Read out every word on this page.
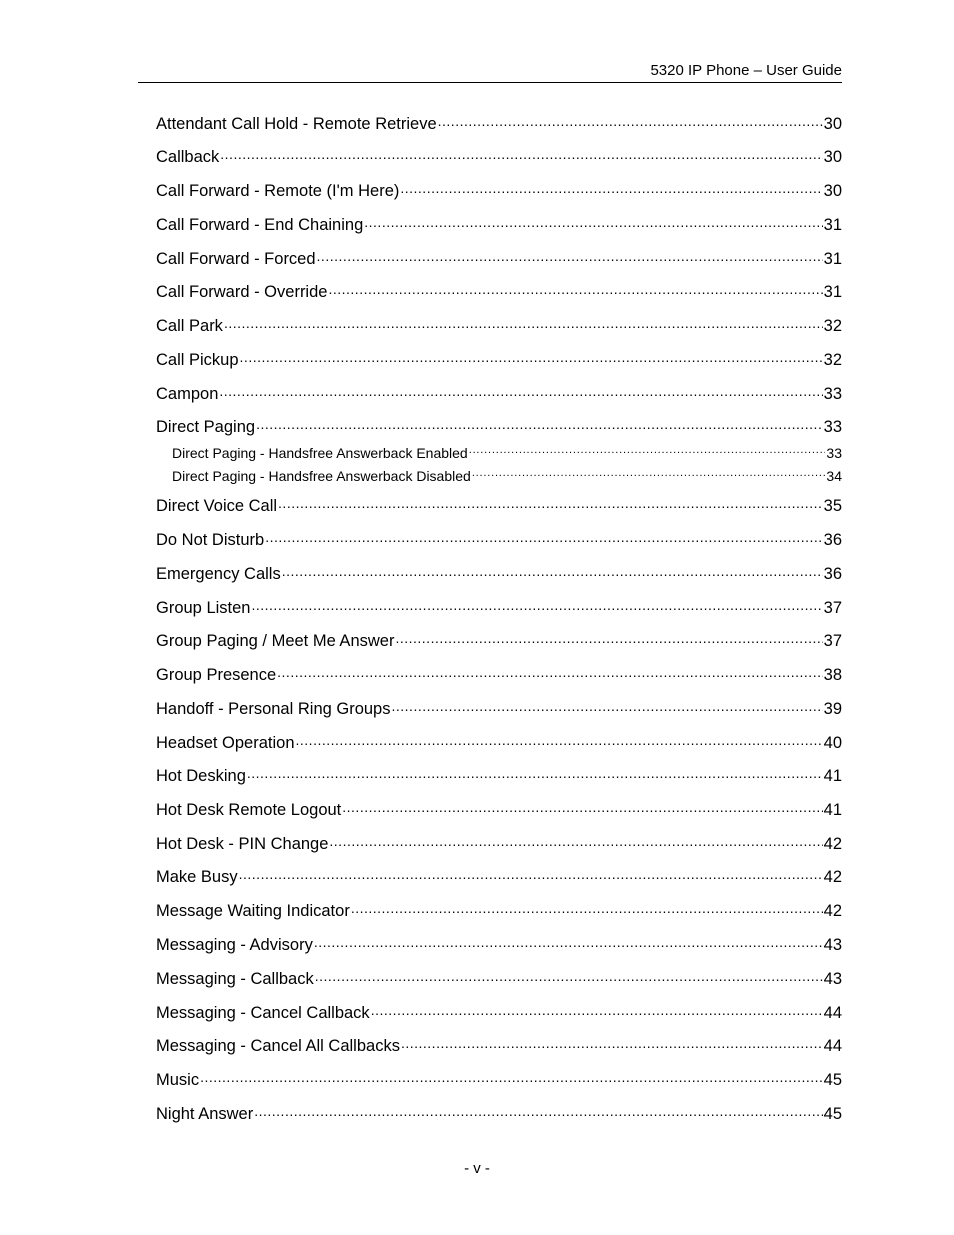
5320 IP Phone – User Guide
Attendant Call Hold - Remote Retrieve .....	30
Callback .....	30
Call Forward - Remote (I'm Here) .....	30
Call Forward - End Chaining .....	31
Call Forward - Forced .....	31
Call Forward - Override .....	31
Call Park .....	32
Call Pickup .....	32
Campon .....	33
Direct Paging .....	33
Direct Paging - Handsfree Answerback Enabled .....	33
Direct Paging - Handsfree Answerback Disabled .....	34
Direct Voice Call .....	35
Do Not Disturb .....	36
Emergency Calls .....	36
Group Listen .....	37
Group Paging / Meet Me Answer .....	37
Group Presence .....	38
Handoff - Personal Ring Groups .....	39
Headset Operation .....	40
Hot Desking .....	41
Hot Desk Remote Logout .....	41
Hot Desk - PIN Change .....	42
Make Busy .....	42
Message Waiting Indicator .....	42
Messaging - Advisory .....	43
Messaging - Callback .....	43
Messaging - Cancel Callback .....	44
Messaging - Cancel All Callbacks .....	44
Music .....	45
Night Answer .....	45
- v -
